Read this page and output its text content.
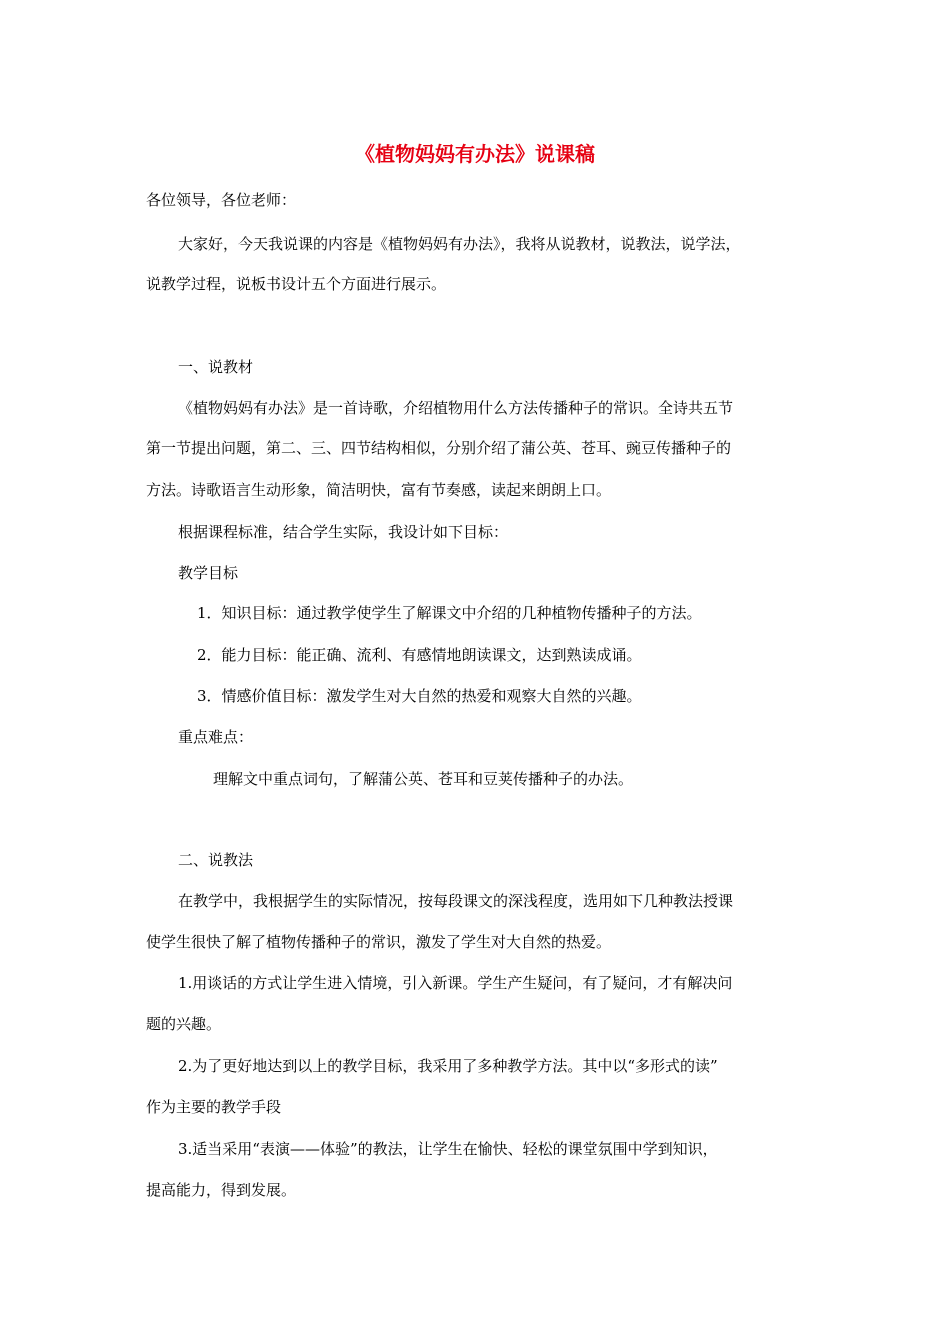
《植物妈妈有办法》说课稿
各位领导，各位老师：
大家好，今天我说课的内容是《植物妈妈有办法》，我将从说教材，说教法，说学法，
说教学过程，说板书设计五个方面进行展示。
一、说教材
《植物妈妈有办法》是一首诗歌，介绍植物用什么方法传播种子的常识。全诗共五节
第一节提出问题，第二、三、四节结构相似，分别介绍了蒲公英、苍耳、豌豆传播种子的
方法。诗歌语言生动形象，简洁明快，富有节奏感，读起来朗朗上口。
根据课程标准，结合学生实际，我设计如下目标：
教学目标
1．知识目标：通过教学使学生了解课文中介绍的几种植物传播种子的方法。
2．能力目标：能正确、流利、有感情地朗读课文，达到熟读成诵。
3．情感价值目标：激发学生对大自然的热爱和观察大自然的兴趣。
重点难点：
理解文中重点词句，了解蒲公英、苍耳和豆荚传播种子的办法。
二、说教法
在教学中，我根据学生的实际情况，按每段课文的深浅程度，选用如下几种教法授课
使学生很快了解了植物传播种子的常识，激发了学生对大自然的热爱。
1.用谈话的方式让学生进入情境，引入新课。学生产生疑问，有了疑问，才有解决问
题的兴趣。
2.为了更好地达到以上的教学目标，我采用了多种教学方法。其中以“多形式的读”
作为主要的教学手段
3.适当采用“表演——体验”的教法，让学生在愉快、轻松的课堂氛围中学到知识，
提高能力，得到发展。
